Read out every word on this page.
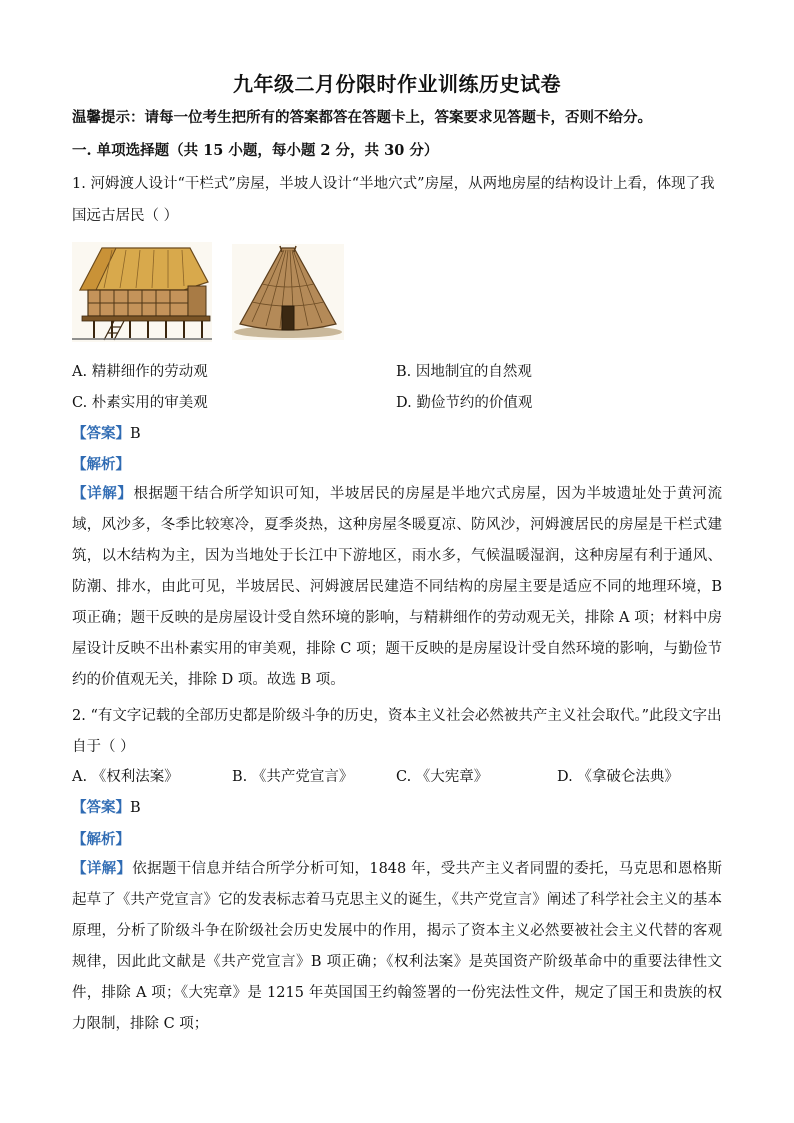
九年级二月份限时作业训练历史试卷
温馨提示：请每一位考生把所有的答案都答在答题卡上，答案要求见答题卡，否则不给分。
一. 单项选择题（共 15 小题，每小题 2 分，共 30 分）
1. 河姆渡人设计“干栏式”房屋，半坡人设计“半地穴式”房屋，从两地房屋的结构设计上看，体现了我
国远古居民（ ）
A. 精耕细作的劳动观	B. 因地制宜的自然观
C. 朴素实用的审美观	D. 勤俭节约的价值观
【答案】B
【解析】
【详解】根据题干结合所学知识可知，半坡居民的房屋是半地穴式房屋，因为半坡遗址处于黄河流域，风沙多，冬季比较寒冷，夏季炎热，这种房屋冬暖夏凉、防风沙，河姆渡居民的房屋是干栏式建筑，以木结构为主，因为当地处于长江中下游地区，雨水多，气候温暖湿润，这种房屋有利于通风、防潮、排水，由此可见，半坡居民、河姆渡居民建造不同结构的房屋主要是适应不同的地理环境，B 项正确；题干反映的是房屋设计受自然环境的影响，与精耕细作的劳动观无关，排除 A 项；材料中房屋设计反映不出朴素实用的审美观，排除 C 项；题干反映的是房屋设计受自然环境的影响，与勤俭节约的价值观无关，排除 D 项。故选 B 项。
2. “有文字记载的全部历史都是阶级斗争的历史，资本主义社会必然被共产主义社会取代。”此段文字出
自于（ ）
A. 《权利法案》	B. 《共产党宣言》	C. 《大宪章》	D. 《拿破仑法典》
【答案】B
【解析】
【详解】依据题干信息并结合所学分析可知，1848 年，受共产主义者同盟的委托，马克思和恩格斯起草了《共产党宣言》它的发表标志着马克思主义的诞生，《共产党宣言》阐述了科学社会主义的基本原理，分析了阶级斗争在阶级社会历史发展中的作用，揭示了资本主义必然要被社会主义代替的客观规律，因此此文献是《共产党宣言》B 项正确；《权利法案》是英国资产阶级革命中的重要法律性文件，排除 A 项；《大宪章》是 1215 年英国国王约翰签署的一份宪法性文件，规定了国王和贵族的权力限制，排除 C 项；
